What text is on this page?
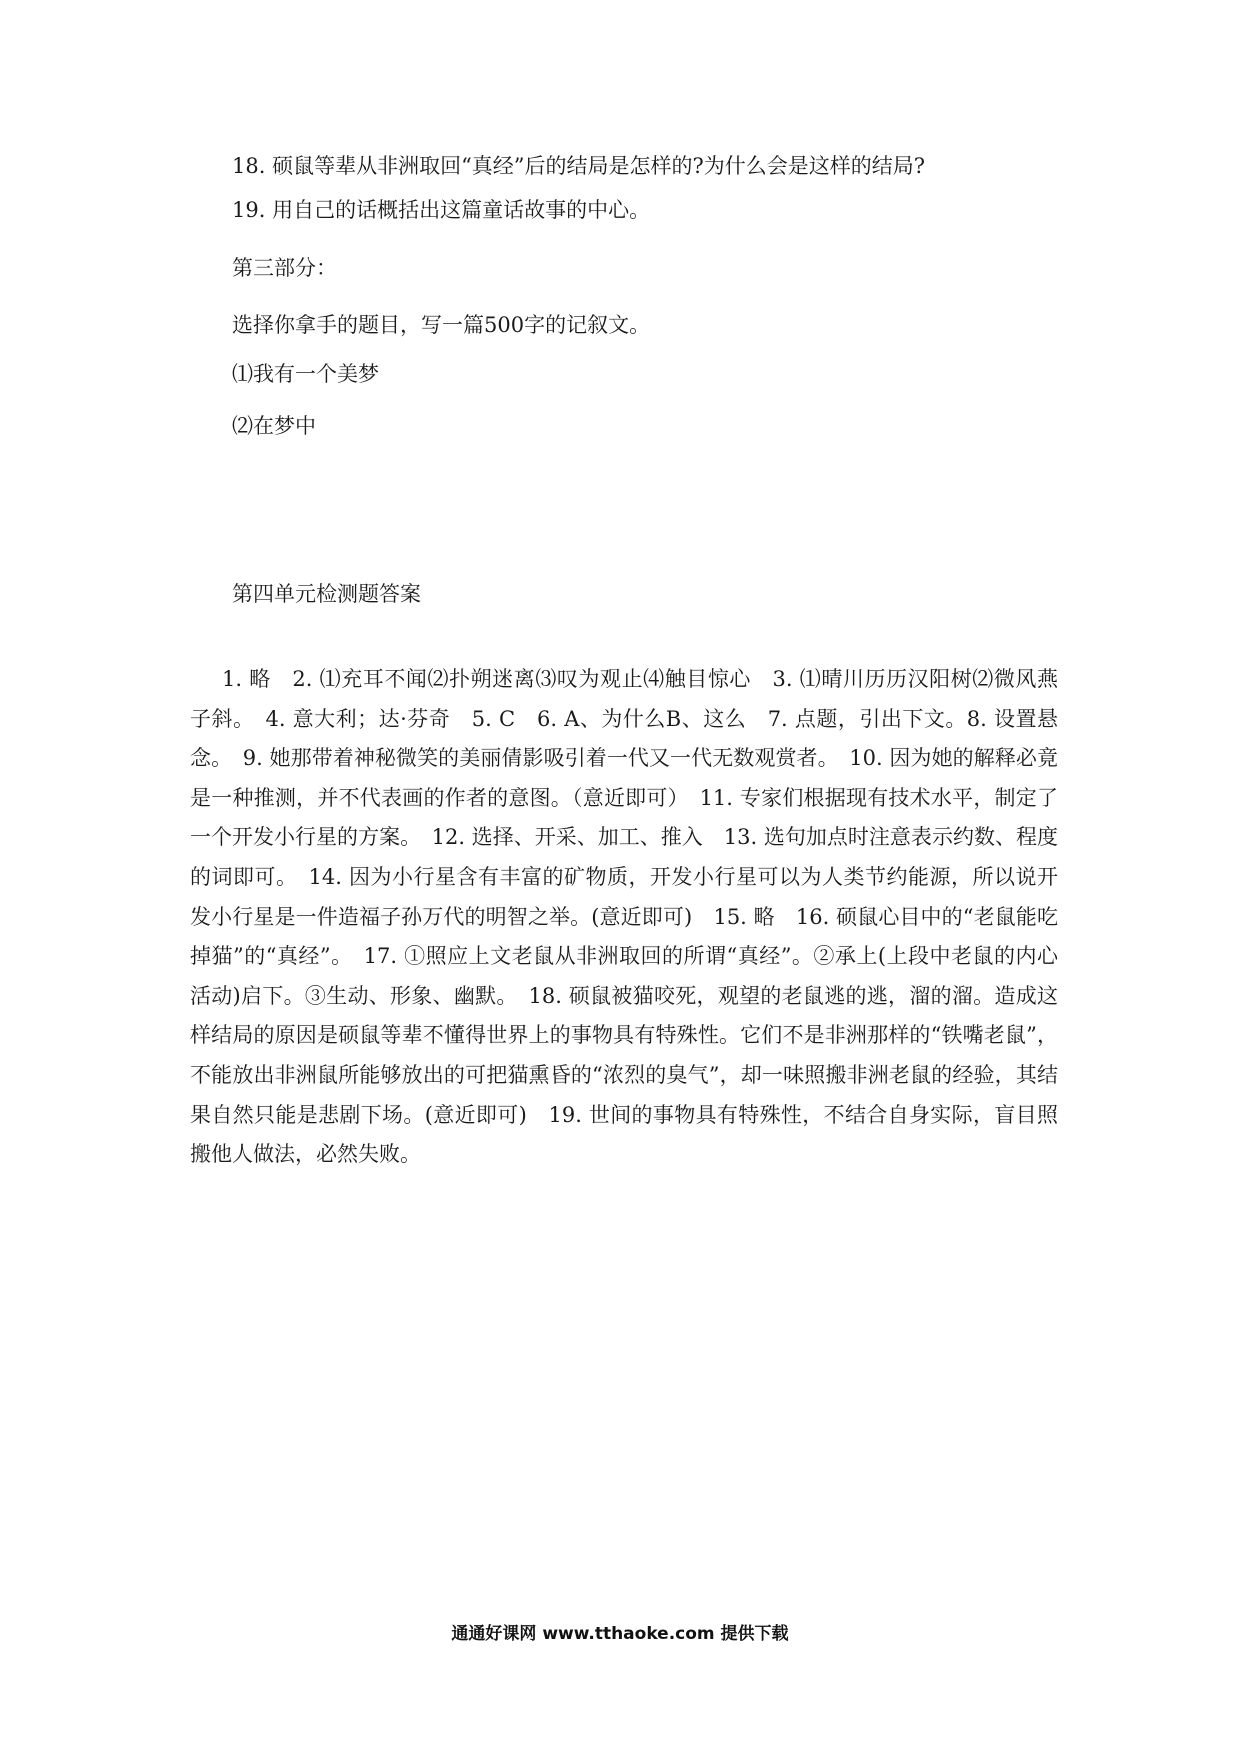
18. 硕鼠等辈从非洲取回“真经”后的结局是怎样的?为什么会是这样的结局?
19. 用自己的话概括出这篇童话故事的中心。
第三部分：
选择你拿手的题目，写一篇500字的记叙文。
⑴我有一个美梦
⑵在梦中
第四单元检测题答案
1. 略　2. ⑴充耳不闻⑵扑朔迷离⑶叹为观止⑷触目惊心　3. ⑴晴川历历汉阳树⑵微风燕子斜。　4. 意大利；达·芬奇　5. C　6. A、为什么B、这么　7. 点题，引出下文。8. 设置悬念。　9. 她那带着神秘微笑的美丽倩影吸引着一代又一代无数观赏者。　10. 因为她的解释必竟是一种推测，并不代表画的作者的意图。（意近即可）　11. 专家们根据现有技术水平，制定了一个开发小行星的方案。　12. 选择、开采、加工、推入　13. 选句加点时注意表示约数、程度的词即可。　14. 因为小行星含有丰富的矿物质，开发小行星可以为人类节约能源，所以说开发小行星是一件造福子孙万代的明智之举。(意近即可)　15. 略　16. 硕鼠心目中的“老鼠能吃掉猫”的“真经”。　17. ①照应上文老鼠从非洲取回的所谓“真经”。②承上(上段中老鼠的内心活动)启下。③生动、形象、幽默。　18. 硕鼠被猫咬死，观望的老鼠逃的逃，溜的溜。造成这样结局的原因是硕鼠等辈不懂得世界上的事物具有特殊性。它们不是非洲那样的“铁嘴老鼠”，不能放出非洲鼠所能够放出的可把猫熏昏的“浓烈的臭气”，却一味照搬非洲老鼠的经验，其结果自然只能是悲剧下场。(意近即可)　19. 世间的事物具有特殊性，不结合自身实际，盲目照搬他人做法，必然失败。
通通好课网 www.tthaoke.com 提供下载
